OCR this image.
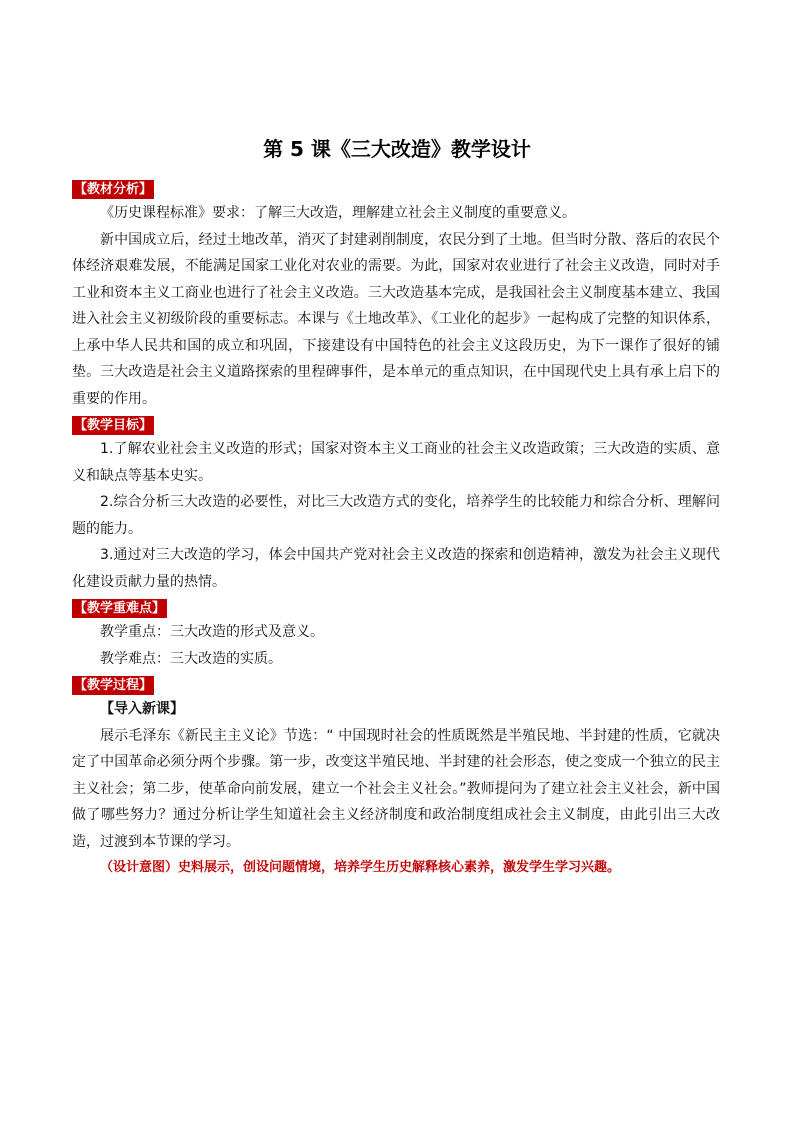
第 5 课《三大改造》教学设计
【教材分析】

《历史课程标准》要求：了解三大改造，理解建立社会主义制度的重要意义。

新中国成立后，经过土地改革，消灭了封建剥削制度，农民分到了土地。但当时分散、落后的农民个体经济艰难发展，不能满足国家工业化对农业的需要。为此，国家对农业进行了社会主义改造，同时对手工业和资本主义工商业也进行了社会主义改造。三大改造基本完成，是我国社会主义制度基本建立、我国进入社会主义初级阶段的重要标志。本课与《土地改革》、《工业化的起步》一起构成了完整的知识体系，上承中华人民共和国的成立和巩固，下接建设有中国特色的社会主义这段历史，为下一课作了很好的铺垫。三大改造是社会主义道路探索的里程碑事件，是本单元的重点知识，在中国现代史上具有承上启下的重要的作用。

【教学目标】

1.了解农业社会主义改造的形式；国家对资本主义工商业的社会主义改造政策；三大改造的实质、意义和缺点等基本史实。

2.综合分析三大改造的必要性，对比三大改造方式的变化，培养学生的比较能力和综合分析、理解问题的能力。

3.通过对三大改造的学习，体会中国共产党对社会主义改造的探索和创造精神，激发为社会主义现代化建设贡献力量的热情。

【教学重难点】

教学重点：三大改造的形式及意义。

教学难点：三大改造的实质。

【教学过程】

【导入新课】

展示毛泽东《新民主主义论》节选：“ 中国现时社会的性质既然是半殖民地、半封建的性质，它就决定了中国革命必须分两个步骤。第一步，改变这半殖民地、半封建的社会形态，使之变成一个独立的民主主义社会；第二步，使革命向前发展，建立一个社会主义社会。”教师提问为了建立社会主义社会，新中国做了哪些努力？通过分析让学生知道社会主义经济制度和政治制度组成社会主义制度，由此引出三大改造，过渡到本节课的学习。

（设计意图）史料展示，创设问题情境，培养学生历史解释核心素养，激发学生学习兴趣。
